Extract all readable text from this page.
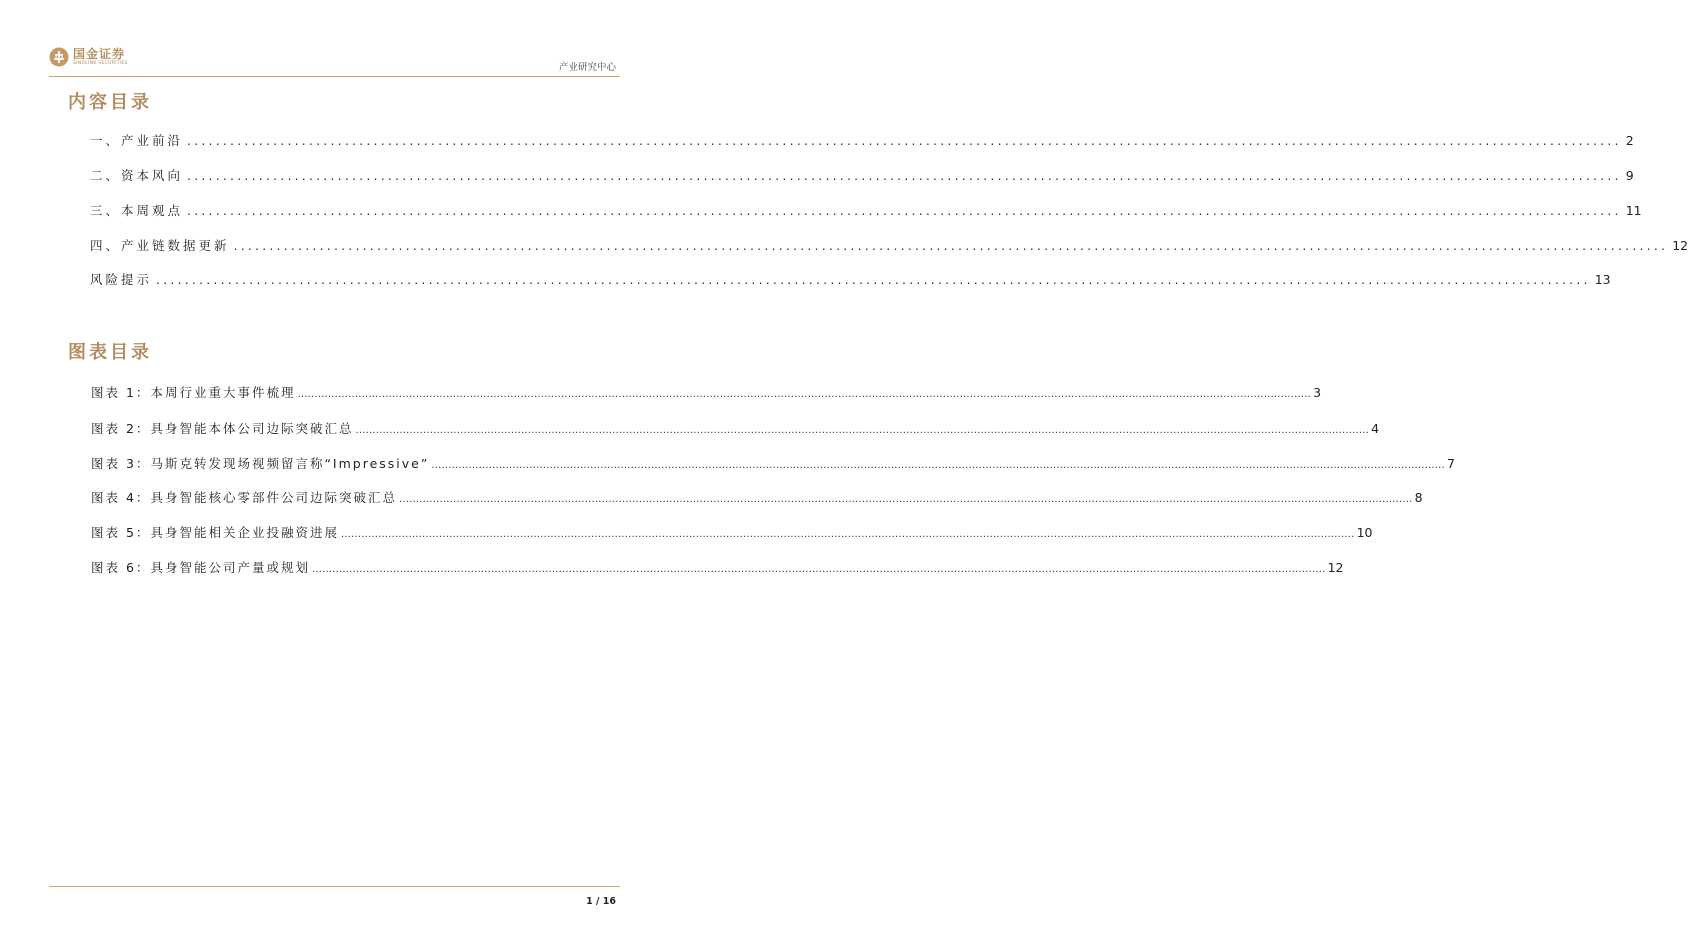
国金证券
SINOLINK SECURITIES	产业研究中心
内容目录
一、产业前沿 ........................................................................................................................................................................................................ 2
二、资本风向 ........................................................................................................................................................................................................ 9
三、本周观点 ........................................................................................................................................................................................................ 11
四、产业链数据更新 ........................................................................................................................................................................................................ 12
风险提示 ........................................................................................................................................................................................................ 13
图表目录
图表 1： 本周行业重大事件梳理 ............................................................................................................................................................................................................................................................................................................ 3
图表 2： 具身智能本体公司边际突破汇总 ............................................................................................................................................................................................................................................................................................................ 4
图表 3： 马斯克转发现场视频留言称“Impressive” ............................................................................................................................................................................................................................................................................................................ 7
图表 4： 具身智能核心零部件公司边际突破汇总 ............................................................................................................................................................................................................................................................................................................ 8
图表 5： 具身智能相关企业投融资进展 ............................................................................................................................................................................................................................................................................................................ 10
图表 6： 具身智能公司产量或规划 ............................................................................................................................................................................................................................................................................................................ 12
1 / 16
